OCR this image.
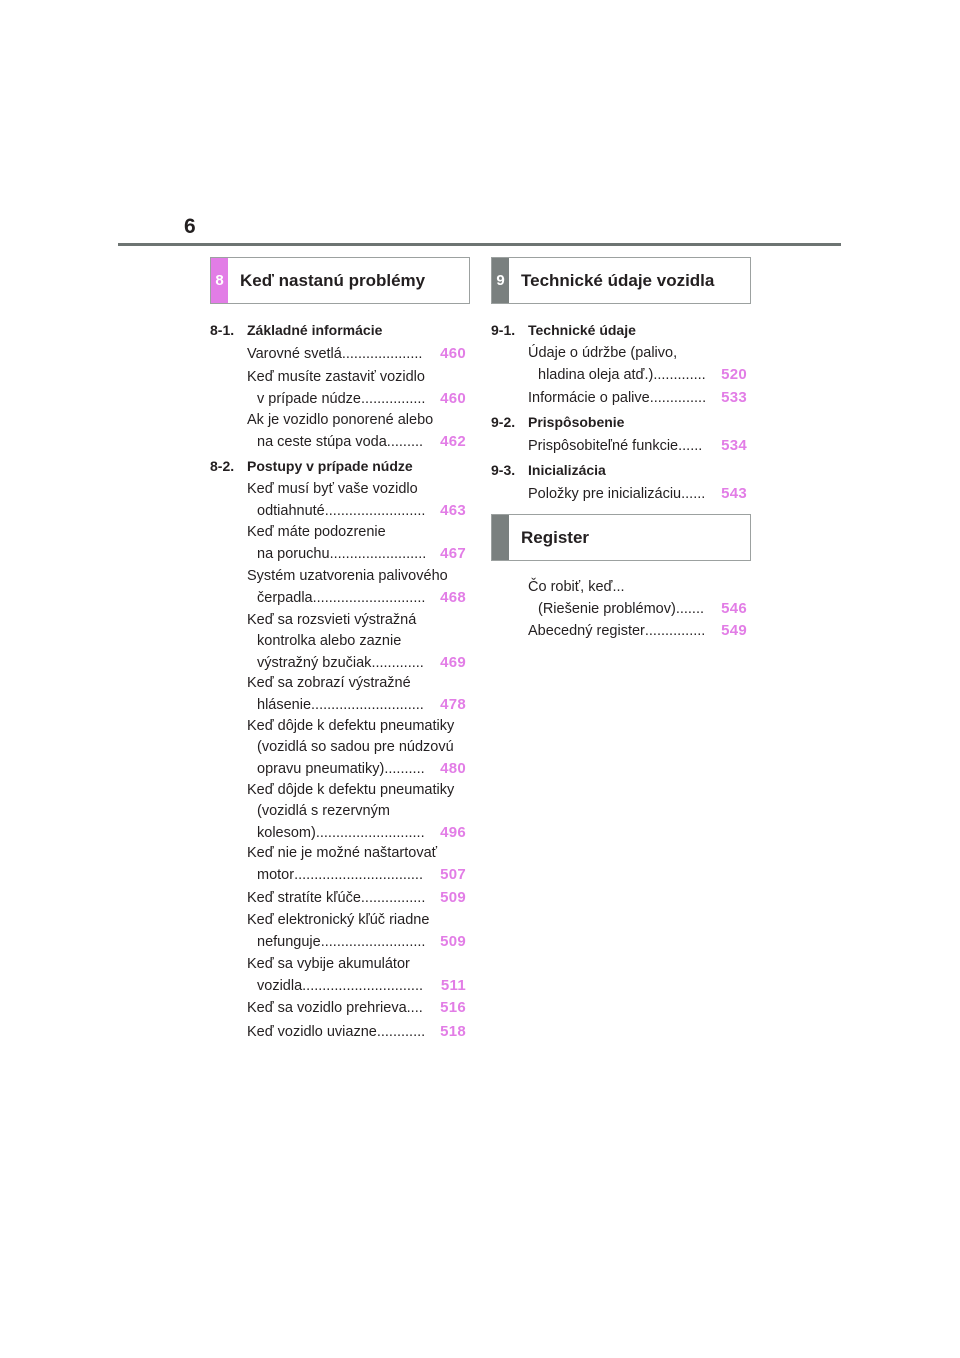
6
8 Keď nastanú problémy	9 Technické údaje vozidla
Register
8-1. Základné informácie
8-2. Postupy v prípade núdze
9-1. Technické údaje
9-2. Prispôsobenie
9-3. Inicializácia
Varovné svetlá ....................	460
Keď musíte zastaviť vozidlo
v prípade núdze ................ 460
Ak je vozidlo ponorené alebo
na ceste stúpa voda .........	462
Keď musí byť vaše vozidlo
odtiahnuté ......................... 463
Keď máte podozrenie
na poruchu ........................ 467
Systém uzatvorenia palivového
čerpadla ............................ 468
Keď sa rozsvieti výstražná
kontrolka alebo zaznie
výstražný bzučiak .............	469
Keď sa zobrazí výstražné
hlásenie ............................	478
Keď dôjde k defektu pneumatiky
(vozidlá so sadou pre núdzovú
opravu pneumatiky) ..........	480
Keď dôjde k defektu pneumatiky
(vozidlá s rezervným
kolesom) ...........................	496
Keď nie je možné naštartovať
motor ................................	507
Keď stratíte kľúče ................ 509
Keď elektronický kľúč riadne
nefunguje .......................... 509
Keď sa vybije akumulátor
vozidla ..............................	511
Keď sa vozidlo prehrieva ....	516
Keď vozidlo uviazne ............ 518
Údaje o údržbe (palivo,
hladina oleja atď.) .............	520
Informácie o palive .............. 533
Prispôsobiteľné funkcie ......	534
Položky pre inicializáciu ......	543
Čo robiť, keď...
(Riešenie problémov) .......	546
Abecedný register ...............	549
